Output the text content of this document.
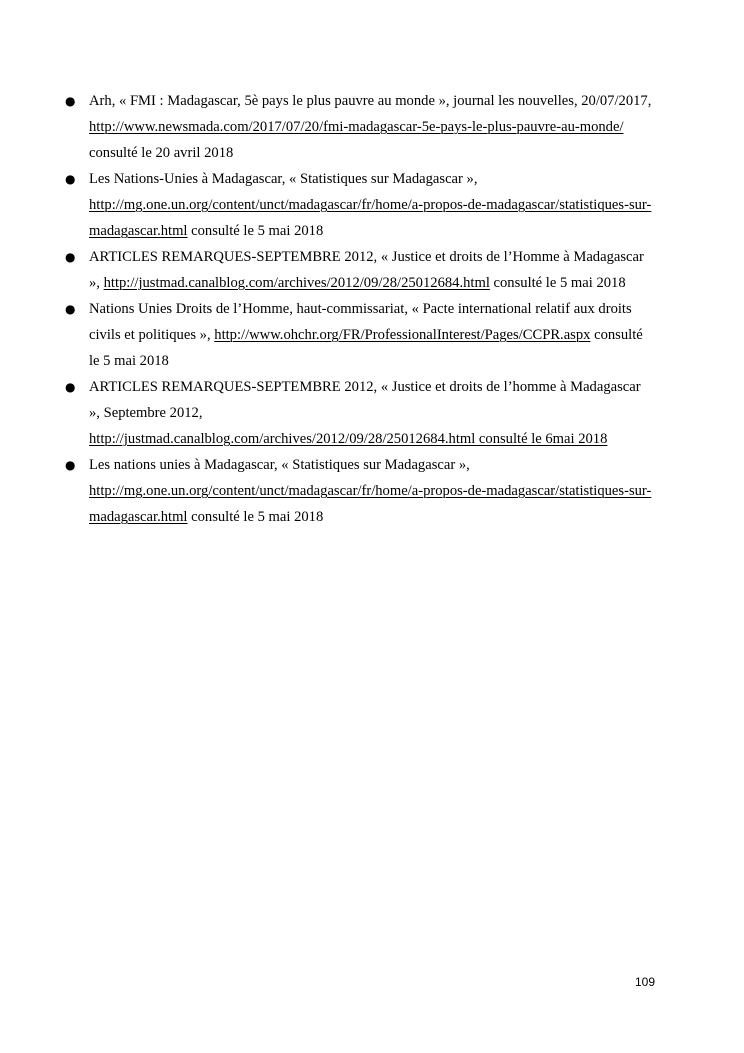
● Arh, « FMI : Madagascar, 5è pays le plus pauvre au monde », journal les nouvelles, 20/07/2017, http://www.newsmada.com/2017/07/20/fmi-madagascar-5e-pays-le-plus-pauvre-au-monde/ consulté le 20 avril 2018
● Les Nations-Unies à Madagascar, « Statistiques sur Madagascar »,
http://mg.one.un.org/content/unct/madagascar/fr/home/a-propos-de-madagascar/statistiques-sur-madagascar.html consulté le 5 mai 2018
● ARTICLES REMARQUES-SEPTEMBRE 2012, « Justice et droits de l’Homme à Madagascar », http://justmad.canalblog.com/archives/2012/09/28/25012684.html consulté le 5 mai 2018
● Nations Unies Droits de l’Homme, haut-commissariat, « Pacte international relatif aux droits civils et politiques », http://www.ohchr.org/FR/ProfessionalInterest/Pages/CCPR.aspx consulté le 5 mai 2018
● ARTICLES REMARQUES-SEPTEMBRE 2012, « Justice et droits de l’homme à Madagascar », Septembre 2012,
http://justmad.canalblog.com/archives/2012/09/28/25012684.html consulté le 6mai 2018
● Les nations unies à Madagascar, « Statistiques sur Madagascar »,
http://mg.one.un.org/content/unct/madagascar/fr/home/a-propos-de-madagascar/statistiques-sur-madagascar.html consulté le 5 mai 2018
109
